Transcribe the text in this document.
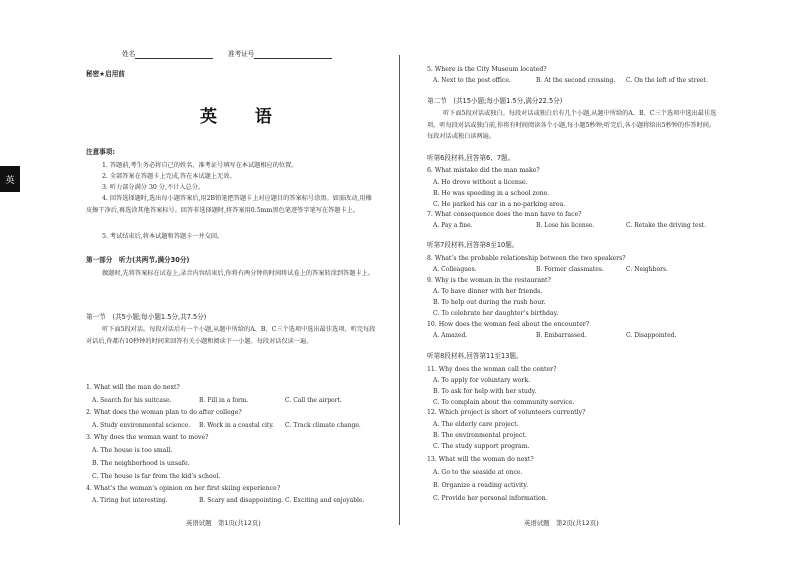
姓名	准考证号
秘密★启用前
英 语
注意事项:
1. 答题前,考生务必将自己的姓名、准考证号填写在本试题相应的位置。
2. 全部答案在答题卡上完成,答在本试题上无效。
3. 听力部分满分 30 分,不计入总分。
4. 回答选择题时,选出每小题答案后,用2B铅笔把答题卡上对应题目的答案标号涂黑。如需改动,用橡皮擦干净后,再选涂其他答案标号。回答非选择题时,将答案用0.5mm黑色笔迹签字笔写在答题卡上。
5. 考试结束后,将本试题和答题卡一并交回。
第一部分　听力(共两节,满分30分)
做题时,先将答案标在试卷上,录音内容结束后,你将有两分钟的时间将试卷上的答案转涂到答题卡上。
第一节　(共5小题;每小题1.5分,共7.5分)
听下面5段对话。每段对话后有一个小题,从题中所给的A、B、C三个选项中选出最佳选项。听完每段对话后,你都有10秒钟的时间来回答有关小题和阅读下一小题。每段对话仅读一遍。
1. What will the man do next?
A. Search for his suitcase.	B. Fill in a form.	C. Call the airport.
2. What does the woman plan to do after college?
A. Study environmental science. B. Work in a coastal city. C. Track climate change.
3. Why does the woman want to move?
A. The house is too small.
B. The neighborhood is unsafe.
C. The house is far from the kid’s school.
4. What’s the woman’s opinion on her first skiing experience?
A. Tiring but interesting.	B. Scary and disappointing. C. Exciting and enjoyable.
英语试题　第1页(共12页)
英
5. Where is the City Museum located?
A. Next to the post office.	B. At the second crossing. C. On the left of the street.
第二节　(共15小题;每小题1.5分,满分22.5分)
听下面5段对话或独白。每段对话或独白后有几个小题,从题中所给的A、B、C三个选项中选出最佳选项。听每段对话或独白前,你将有时间阅读各个小题,每小题5秒钟;听完后,各小题将给出5秒钟的作答时间。每段对话或独白读两遍。
听第6段材料,回答第6、7题。
6. What mistake did the man make?
A. He drove without a license.
B. He was speeding in a school zone.
C. He parked his car in a no-parking area.
7. What consequence does the man have to face?
A. Pay a fine.	B. Lose his license.	C. Retake the driving test.
听第7段材料,回答第8至10题。
8. What’s the probable relationship between the two speakers?
A. Colleagues.	B. Former classmates.	C. Neighbors.
9. Why is the woman in the restaurant?
A. To have dinner with her friends.
B. To help out during the rush hour.
C. To celebrate her daughter’s birthday.
10. How does the woman feel about the encounter?
A. Amazed.	B. Embarrassed.	C. Disappointed.
听第8段材料,回答第11至13题。
11. Why does the woman call the center?
A. To apply for voluntary work.
B. To ask for help with her study.
C. To complain about the community service.
12. Which project is short of volunteers currently?
A. The elderly care project.
B. The environmental project.
C. The study support program.
13. What will the woman do next?
A. Go to the seaside at once.
B. Organize a reading activity.
C. Provide her personal information.
英语试题　第2页(共12页)
